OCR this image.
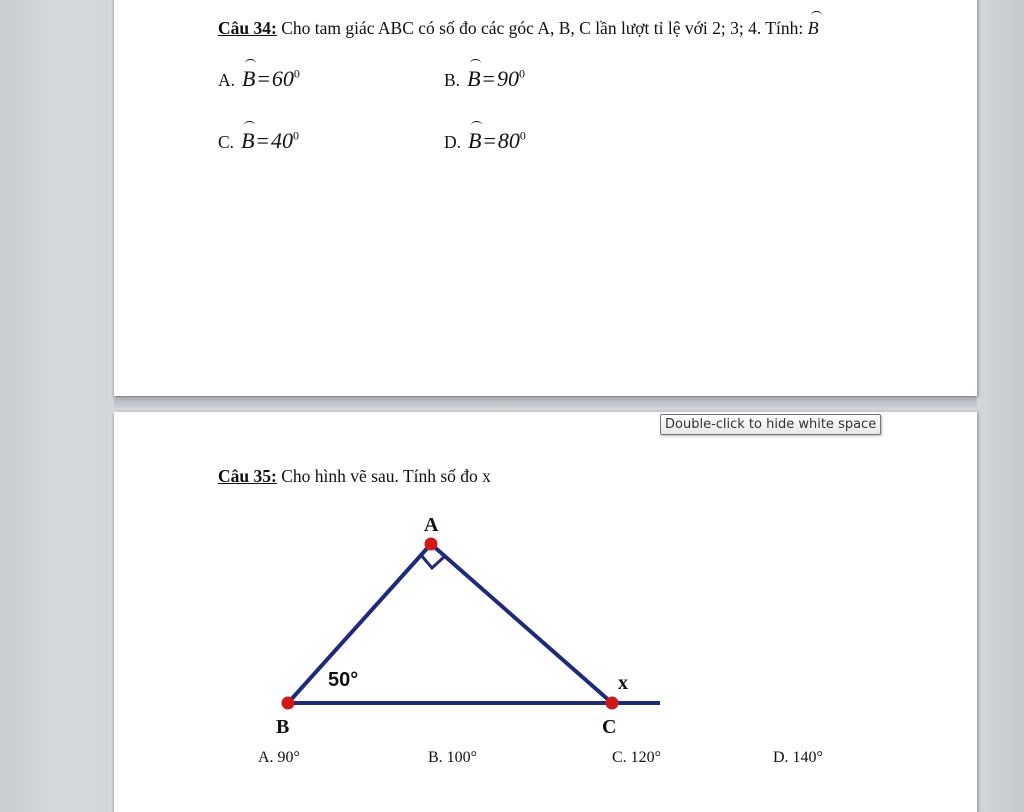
Câu 34: Cho tam giác ABC có số đo các góc A, B, C lần lượt tỉ lệ với 2; 3; 4. Tính: B
A. $B=60^0$	B. $B=90^0$
C. $B=40^0$	D. $B=80^0$
Câu 35: Cho hình vẽ sau. Tính số đo x
A
B	C
50°	x
A. 90°	B. 100°	C. 120°	D. 140°
Double-click to hide white space
